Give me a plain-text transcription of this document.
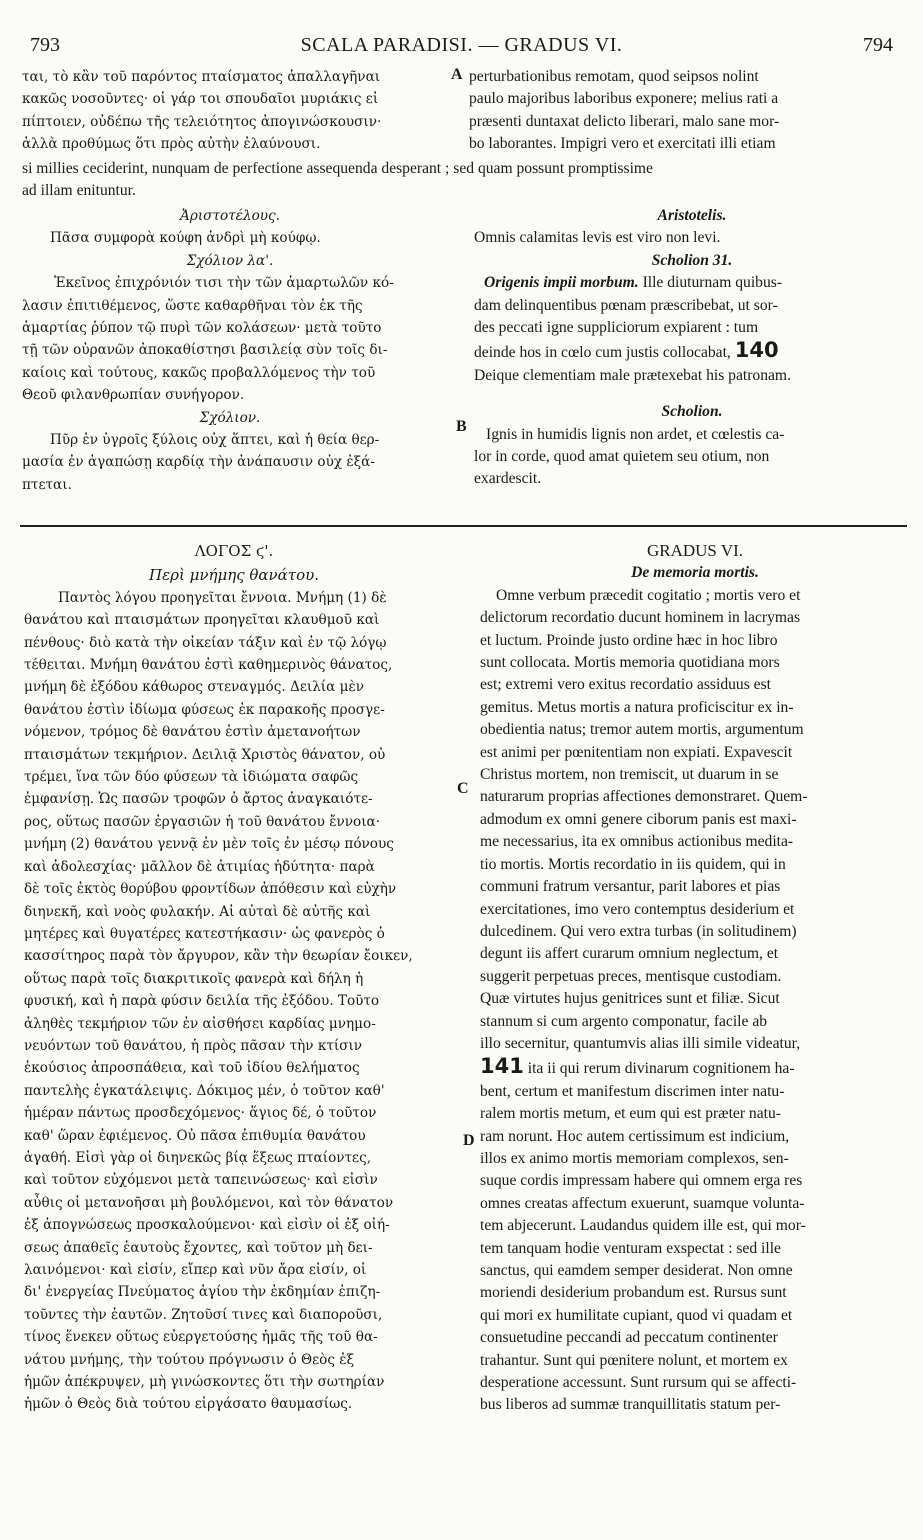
793	SCALA PARADISI. — GRADUS VI.	794
ται, τὸ κἂν τοῦ παρόντος πταίσματος ἀπαλλαγῆναι
κακῶς νοσοῦντες· οἱ γάρ τοι σπουδαῖοι μυριάκις εἰ
πίπτοιεν, οὐδέπω τῆς τελειότητος ἀπογινώσκουσιν·
ἀλλὰ προθύμως ὅτι πρὸς αὐτὴν ἐλαύνουσι.
A perturbationibus remotam, quod seipsos nolint
paulo majoribus laboribus exponere; melius rati a
præsenti duntaxat delicto liberari, malo sane mor-
bo laborantes. Impigri vero et exercitati illi etiam
si millies ceciderint, nunquam de perfectione assequenda desperant ; sed quam possunt promptissime
ad illam enituntur.
Ἀριστοτέλους.
Πᾶσα συμφορὰ κούφη ἀνδρὶ μὴ κούφῳ.
Σχόλιον λα'.
Ἐκεῖνος ἐπιχρόνιόν τισι τὴν τῶν ἁμαρτωλῶν κό-
λασιν ἐπιτιθέμενος, ὥστε καθαρθῆναι τὸν ἐκ τῆς
ἁμαρτίας ῥύπον τῷ πυρὶ τῶν κολάσεων· μετὰ τοῦτο
τῇ τῶν οὐρανῶν ἀποκαθίστησι βασιλείᾳ σὺν τοῖς δι-
καίοις καὶ τούτους, κακῶς προβαλλόμενος τὴν τοῦ
Θεοῦ φιλανθρωπίαν συνήγορον.
Σχόλιον.
Πῦρ ἐν ὑγροῖς ξύλοις οὐχ ἅπτει, καὶ ἡ θεία θερ-
μασία ἐν ἀγαπώσῃ καρδίᾳ τὴν ἀνάπαυσιν οὐχ ἐξά-
πτεται.
B
Aristotelis.
Omnis calamitas levis est viro non levi.
Scholion 31.
Origenis impii morbum. Ille diuturnam quibus-
dam delinquentibus pœnam præscribebat, ut sor-
des peccati igne suppliciorum expiarent : tum
deinde hos in cœlo cum justis collocabat, 140
Deique clementiam male prætexebat his patronam.
Scholion.
Ignis in humidis lignis non ardet, et cœlestis ca-
lor in corde, quod amat quietem seu otium, non
exardescit.
ΛΟΓΟΣ ϛ'.
Περὶ μνήμης θανάτου.
Παντὸς λόγου προηγεῖται ἔννοια. Μνήμη (1) δὲ
θανάτου καὶ πταισμάτων προηγεῖται κλαυθμοῦ καὶ
πένθους· διὸ κατὰ τὴν οἰκείαν τάξιν καὶ ἐν τῷ λόγῳ
τέθειται. Μνήμη θανάτου ἐστὶ καθημερινὸς θάνατος,
μνήμη δὲ ἐξόδου κάθωρος στεναγμός. Δειλία μὲν
θανάτου ἐστὶν ἰδίωμα φύσεως ἐκ παρακοῆς προσγε-
νόμενον, τρόμος δὲ θανάτου ἐστὶν ἀμετανοήτων
πταισμάτων τεκμήριον. Δειλιᾷ Χριστὸς θάνατον, οὐ
τρέμει, ἵνα τῶν δύο φύσεων τὰ ἰδιώματα σαφῶς
ἐμφανίσῃ. Ὡς πασῶν τροφῶν ὁ ἄρτος ἀναγκαιότε-
ρος, οὕτως πασῶν ἐργασιῶν ἡ τοῦ θανάτου ἔννοια·
μνήμη (2) θανάτου γεννᾷ ἐν μὲν τοῖς ἐν μέσῳ πόνους
καὶ ἀδολεσχίας· μᾶλλον δὲ ἀτιμίας ἡδύτητα· παρὰ
δὲ τοῖς ἐκτὸς θορύβου φροντίδων ἀπόθεσιν καὶ εὐχὴν
διηνεκῆ, καὶ νοὸς φυλακήν. Αἱ αὐταὶ δὲ αὐτῆς καὶ
μητέρες καὶ θυγατέρες κατεστήκασιν· ὡς φανερὸς ὁ
κασσίτηρος παρὰ τὸν ἄργυρον, κἂν τὴν θεωρίαν ἔοικεν,
οὕτως παρὰ τοῖς διακριτικοῖς φανερὰ καὶ δήλη ἡ
φυσική, καὶ ἡ παρὰ φύσιν δειλία τῆς ἐξόδου. Τοῦτο
ἀληθὲς τεκμήριον τῶν ἐν αἰσθήσει καρδίας μνημο-
νευόντων τοῦ θανάτου, ἡ πρὸς πᾶσαν τὴν κτίσιν
ἑκούσιος ἀπροσπάθεια, καὶ τοῦ ἰδίου θελήματος
παντελὴς ἐγκατάλειψις. Δόκιμος μέν, ὁ τοῦτον καθ'
ἡμέραν πάντως προσδεχόμενος· ἅγιος δέ, ὁ τοῦτον
καθ' ὥραν ἐφιέμενος. Οὐ πᾶσα ἐπιθυμία θανάτου
ἀγαθή. Εἰσὶ γὰρ οἱ διηνεκῶς βίᾳ ἕξεως πταίοντες,
καὶ τοῦτον εὐχόμενοι μετὰ ταπεινώσεως· καὶ εἰσὶν
αὖθις οἱ μετανοῆσαι μὴ βουλόμενοι, καὶ τὸν θάνατον
ἐξ ἀπογνώσεως προσκαλούμενοι· καὶ εἰσὶν οἱ ἐξ οἰή-
σεως ἀπαθεῖς ἑαυτοὺς ἔχοντες, καὶ τοῦτον μὴ δει-
λαινόμενοι· καὶ εἰσίν, εἴπερ καὶ νῦν ἄρα εἰσίν, οἱ
δι' ἐνεργείας Πνεύματος ἁγίου τὴν ἐκδημίαν ἐπιζη-
τοῦντες τὴν ἑαυτῶν. Ζητοῦσί τινες καὶ διαποροῦσι,
τίνος ἕνεκεν οὕτως εὐεργετούσης ἡμᾶς τῆς τοῦ θα-
νάτου μνήμης, τὴν τούτου πρόγνωσιν ὁ Θεὸς ἐξ
ἡμῶν ἀπέκρυψεν, μὴ γινώσκοντες ὅτι τὴν σωτηρίαν
ἡμῶν ὁ Θεὸς διὰ τούτου εἰργάσατο θαυμασίως.
C
D
GRADUS VI.
De memoria mortis.
Omne verbum præcedit cogitatio ; mortis vero et
delictorum recordatio ducunt hominem in lacrymas
et luctum. Proinde justo ordine hæc in hoc libro
sunt collocata. Mortis memoria quotidiana mors
est; extremi vero exitus recordatio assiduus est
gemitus. Metus mortis a natura proficiscitur ex in-
obedientia natus; tremor autem mortis, argumentum
est animi per pœnitentiam non expiati. Expavescit
Christus mortem, non tremiscit, ut duarum in se
naturarum proprias affectiones demonstraret. Quem-
admodum ex omni genere ciborum panis est maxi-
me necessarius, ita ex omnibus actionibus medita-
tio mortis. Mortis recordatio in iis quidem, qui in
communi fratrum versantur, parit labores et pias
exercitationes, imo vero contemptus desiderium et
dulcedinem. Qui vero extra turbas (in solitudinem)
degunt iis affert curarum omnium neglectum, et
suggerit perpetuas preces, mentisque custodiam.
Quæ virtutes hujus genitrices sunt et filiæ. Sicut
stannum si cum argento componatur, facile ab
illo secernitur, quantumvis alias illi simile videatur,
141 ita ii qui rerum divinarum cognitionem ha-
bent, certum et manifestum discrimen inter natu-
ralem mortis metum, et eum qui est præter natu-
ram norunt. Hoc autem certissimum est indicium,
illos ex animo mortis memoriam complexos, sen-
suque cordis impressam habere qui omnem erga res
omnes creatas affectum exuerunt, suamque volunta-
tem abjecerunt. Laudandus quidem ille est, qui mor-
tem tanquam hodie venturam exspectat : sed ille
sanctus, qui eamdem semper desiderat. Non omne
moriendi desiderium probandum est. Rursus sunt
qui mori ex humilitate cupiant, quod vi quadam et
consuetudine peccandi ad peccatum continenter
trahantur. Sunt qui pœnitere nolunt, et mortem ex
desperatione accessunt. Sunt rursum qui se affecti-
bus liberos ad summæ tranquillitatis statum per-
